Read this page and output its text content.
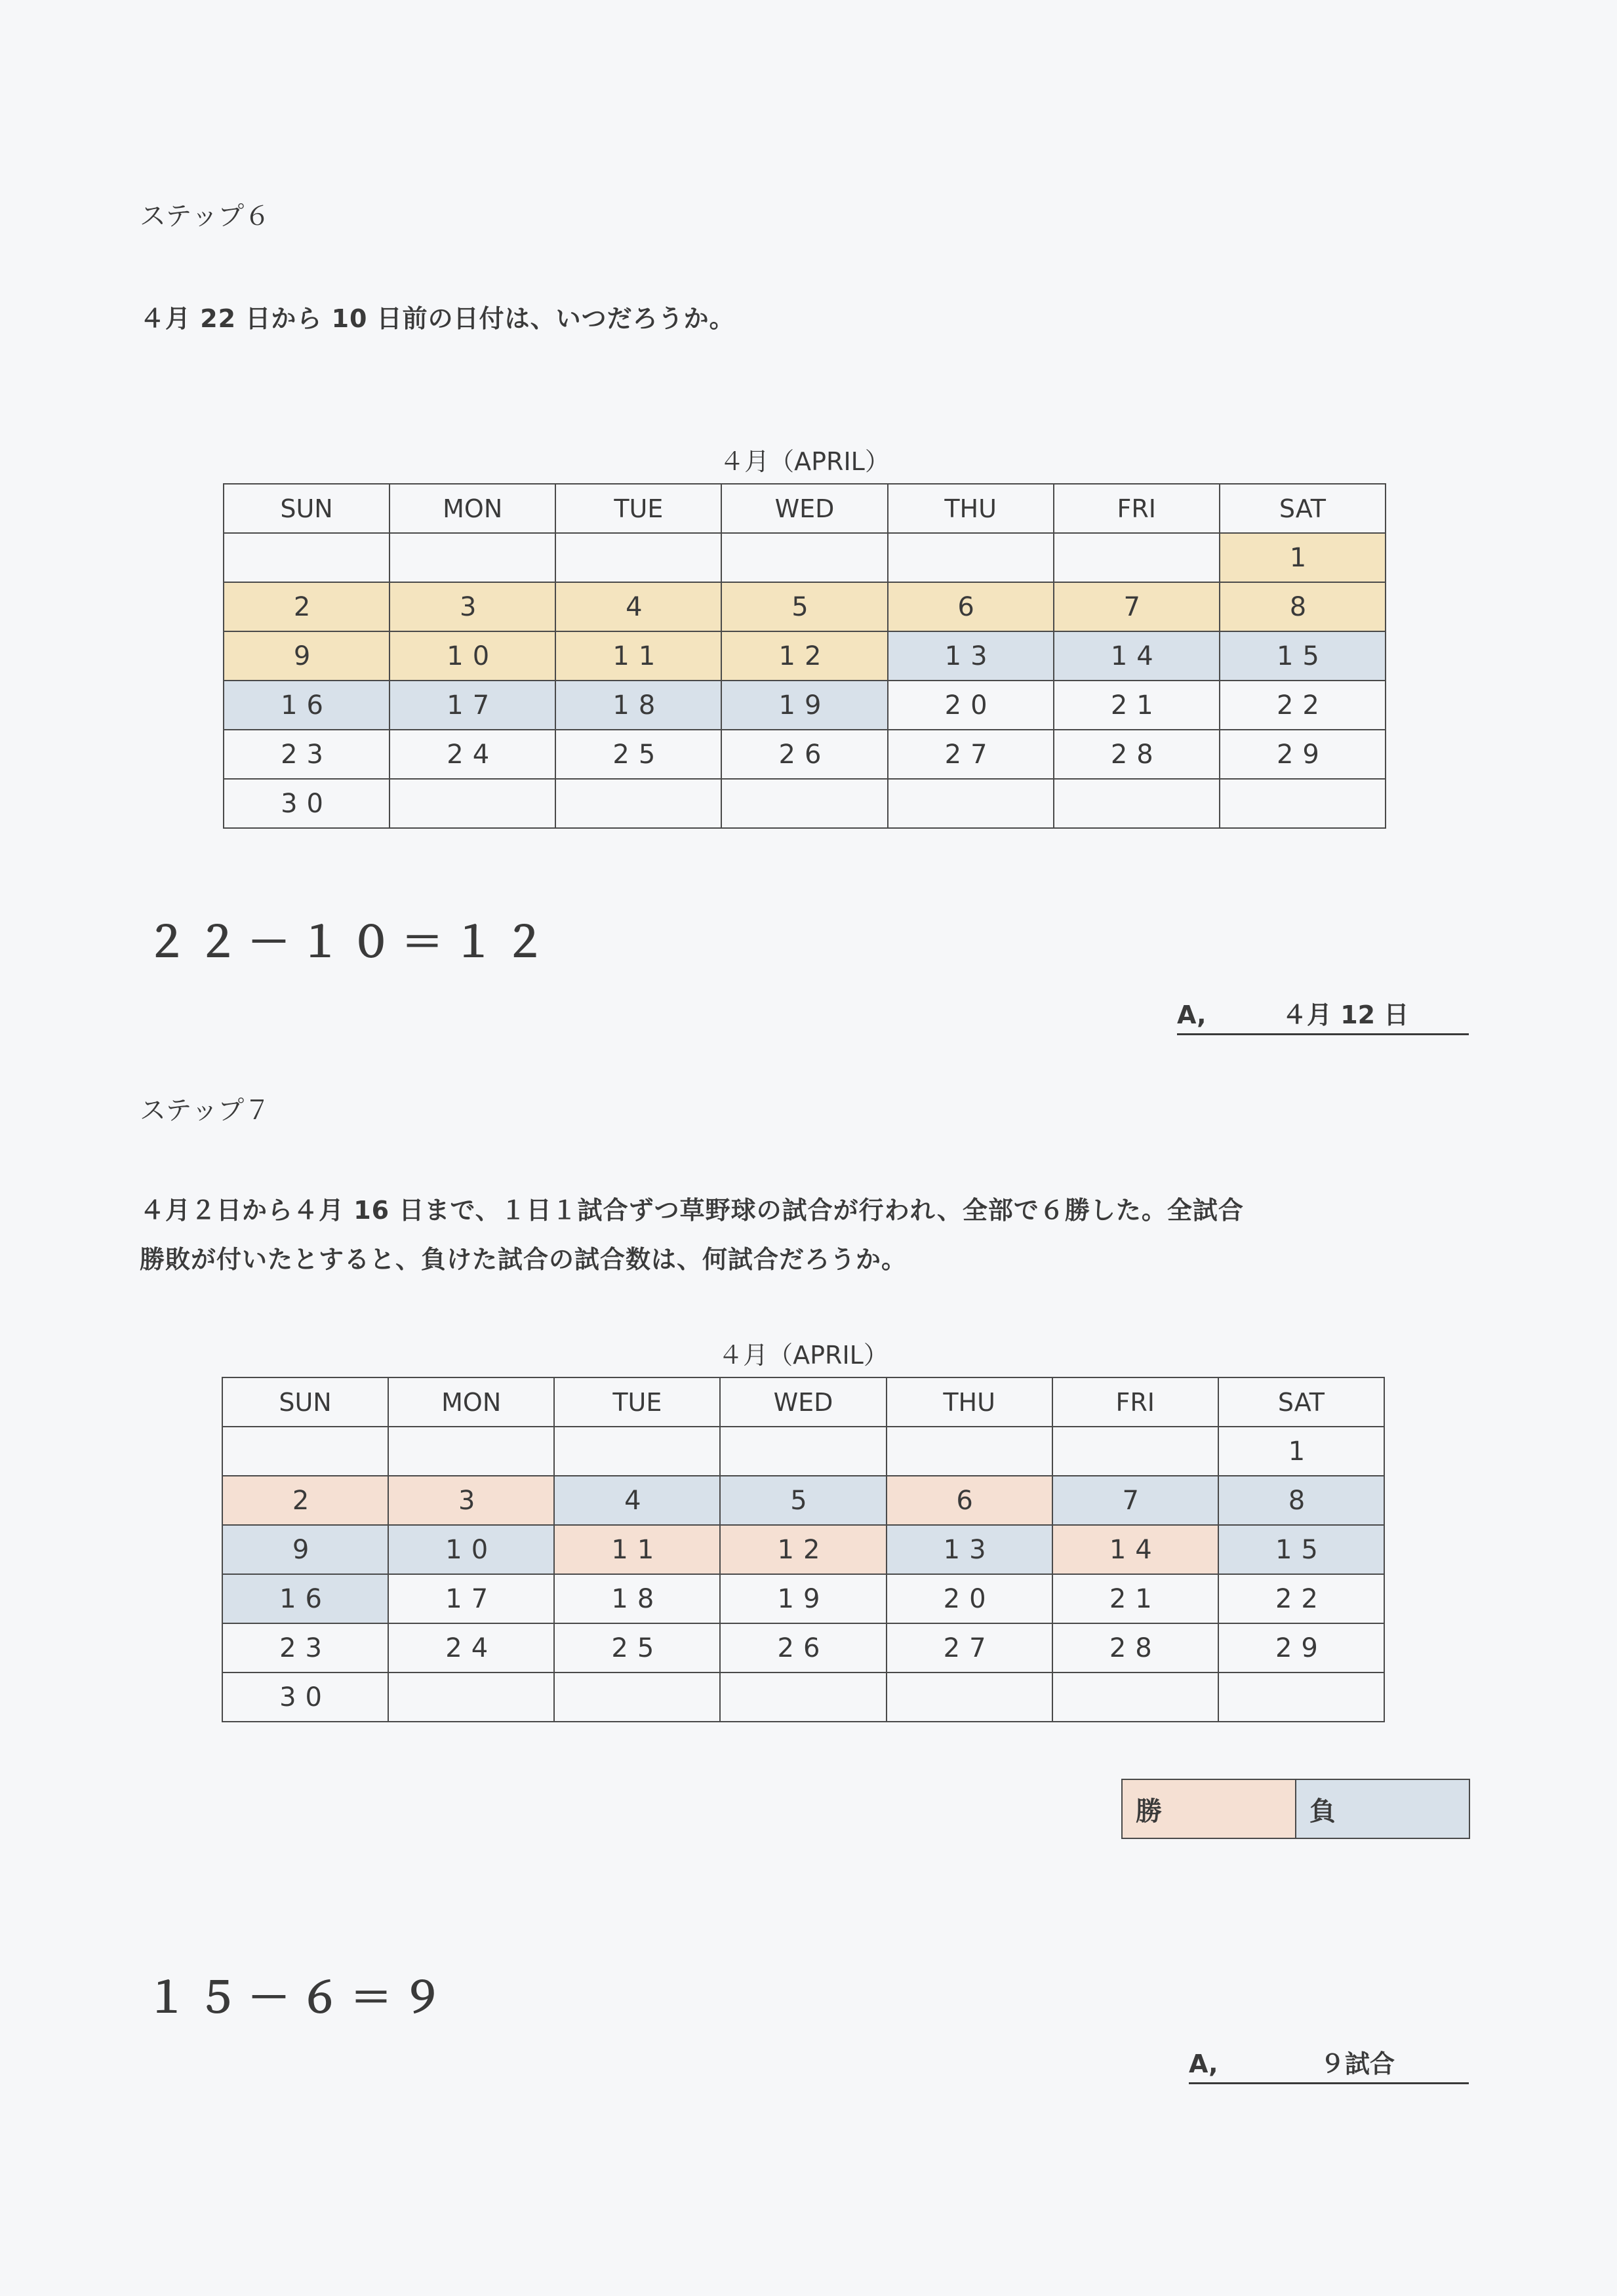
ステップ６
４月 22 日から 10 日前の日付は、いつだろうか。
４月（APRIL）
SUN	MON	TUE	WED	THU	FRI	SAT
						1
2	3	4	5	6	7	8
9	10	11	12	13	14	15
16	17	18	19	20	21	22
23	24	25	26	27	28	29
30						
２２－１０＝１２
A,	４月 12 日
ステップ７
４月２日から４月 16 日まで、１日１試合ずつ草野球の試合が行われ、全部で６勝した。全試合
勝敗が付いたとすると、負けた試合の試合数は、何試合だろうか。
４月（APRIL）
SUN	MON	TUE	WED	THU	FRI	SAT
						1
2	3	4	5	6	7	8
9	10	11	12	13	14	15
16	17	18	19	20	21	22
23	24	25	26	27	28	29
30						
勝	負
１５－６＝９
A,	９試合
